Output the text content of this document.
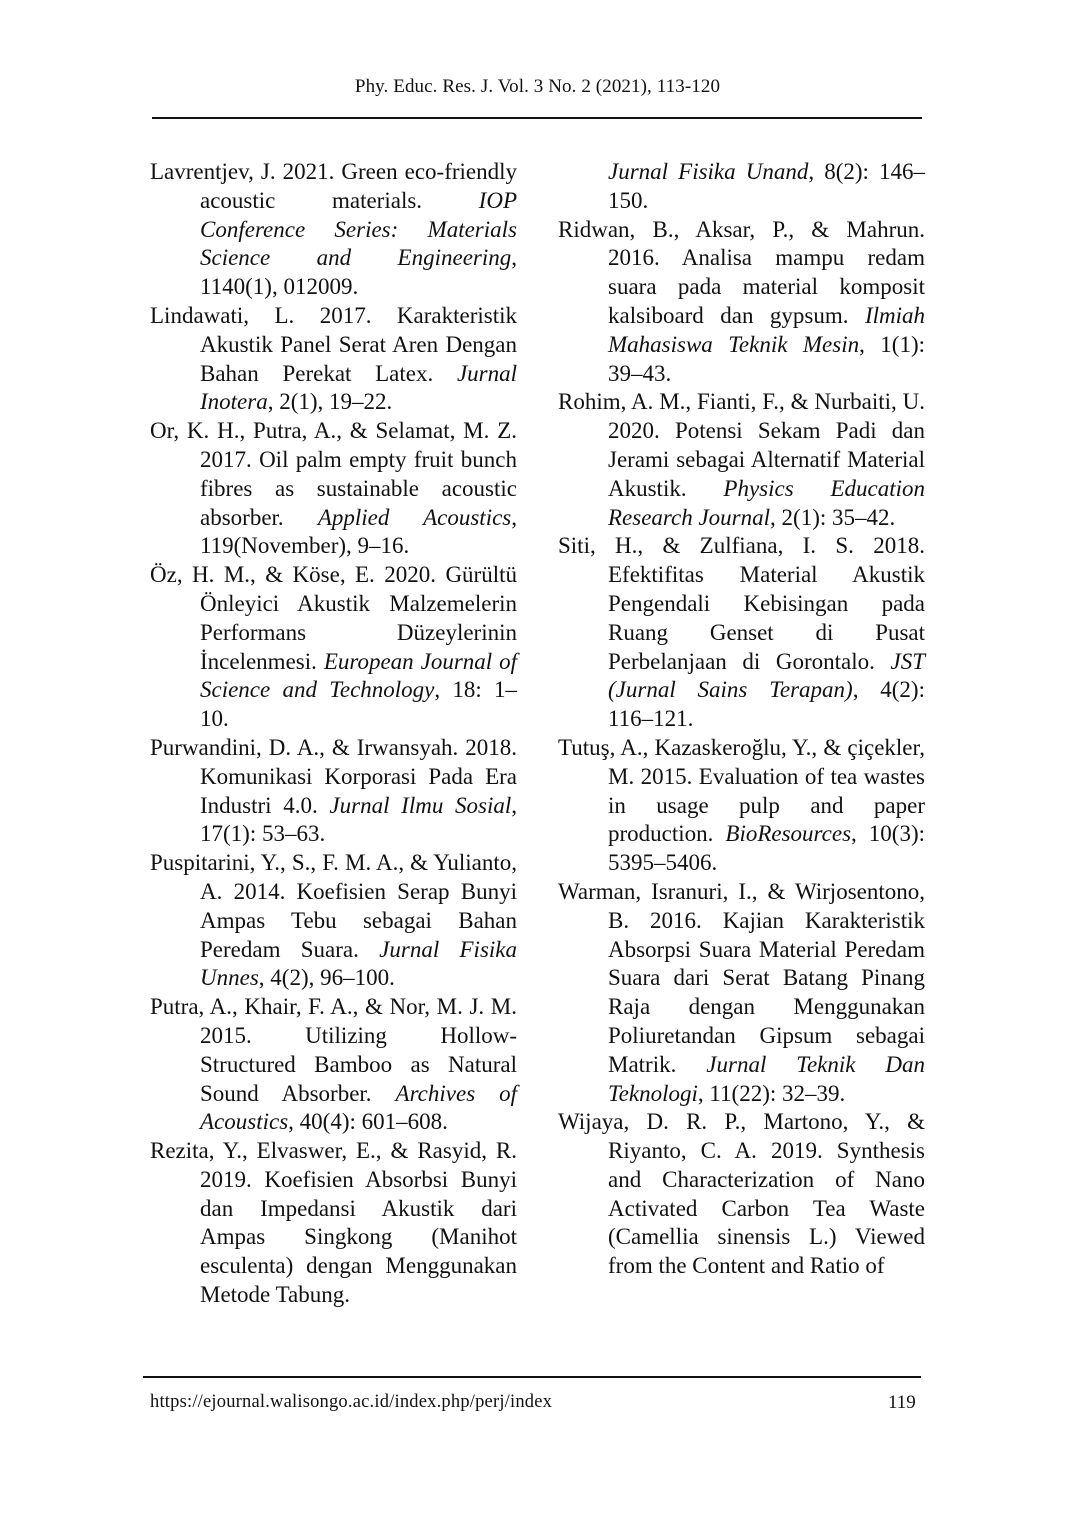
Phy. Educ. Res. J. Vol. 3 No. 2 (2021), 113-120

Lavrentjev, J. 2021. Green eco-friendly acoustic materials. IOP Conference Series: Materials Science and Engineering, 1140(1), 012009.

Lindawati, L. 2017. Karakteristik Akustik Panel Serat Aren Dengan Bahan Perekat Latex. Jurnal Inotera, 2(1), 19–22.

Or, K. H., Putra, A., & Selamat, M. Z. 2017. Oil palm empty fruit bunch fibres as sustainable acoustic absorber. Applied Acoustics, 119(November), 9–16.

Öz, H. M., & Köse, E. 2020. Gürültü Önleyici Akustik Malzemelerin Performans Düzeylerinin İncelenmesi. European Journal of Science and Technology, 18: 1–10.

Purwandini, D. A., & Irwansyah. 2018. Komunikasi Korporasi Pada Era Industri 4.0. Jurnal Ilmu Sosial, 17(1): 53–63.

Puspitarini, Y., S., F. M. A., & Yulianto, A. 2014. Koefisien Serap Bunyi Ampas Tebu sebagai Bahan Peredam Suara. Jurnal Fisika Unnes, 4(2), 96–100.

Putra, A., Khair, F. A., & Nor, M. J. M. 2015. Utilizing Hollow-Structured Bamboo as Natural Sound Absorber. Archives of Acoustics, 40(4): 601–608.

Rezita, Y., Elvaswer, E., & Rasyid, R. 2019. Koefisien Absorbsi Bunyi dan Impedansi Akustik dari Ampas Singkong (Manihot esculenta) dengan Menggunakan Metode Tabung.

Jurnal Fisika Unand, 8(2): 146–150.

Ridwan, B., Aksar, P., & Mahrun. 2016. Analisa mampu redam suara pada material komposit kalsiboard dan gypsum. Ilmiah Mahasiswa Teknik Mesin, 1(1): 39–43.

Rohim, A. M., Fianti, F., & Nurbaiti, U. 2020. Potensi Sekam Padi dan Jerami sebagai Alternatif Material Akustik. Physics Education Research Journal, 2(1): 35–42.

Siti, H., & Zulfiana, I. S. 2018. Efektifitas Material Akustik Pengendali Kebisingan pada Ruang Genset di Pusat Perbelanjaan di Gorontalo. JST (Jurnal Sains Terapan), 4(2): 116–121.

Tutuş, A., Kazaskeroğlu, Y., & çiçekler, M. 2015. Evaluation of tea wastes in usage pulp and paper production. BioResources, 10(3): 5395–5406.

Warman, Isranuri, I., & Wirjosentono, B. 2016. Kajian Karakteristik Absorpsi Suara Material Peredam Suara dari Serat Batang Pinang Raja dengan Menggunakan Poliuretandan Gipsum sebagai Matrik. Jurnal Teknik Dan Teknologi, 11(22): 32–39.

Wijaya, D. R. P., Martono, Y., & Riyanto, C. A. 2019. Synthesis and Characterization of Nano Activated Carbon Tea Waste (Camellia sinensis L.) Viewed from the Content and Ratio of

https://ejournal.walisongo.ac.id/index.php/perj/index	119
